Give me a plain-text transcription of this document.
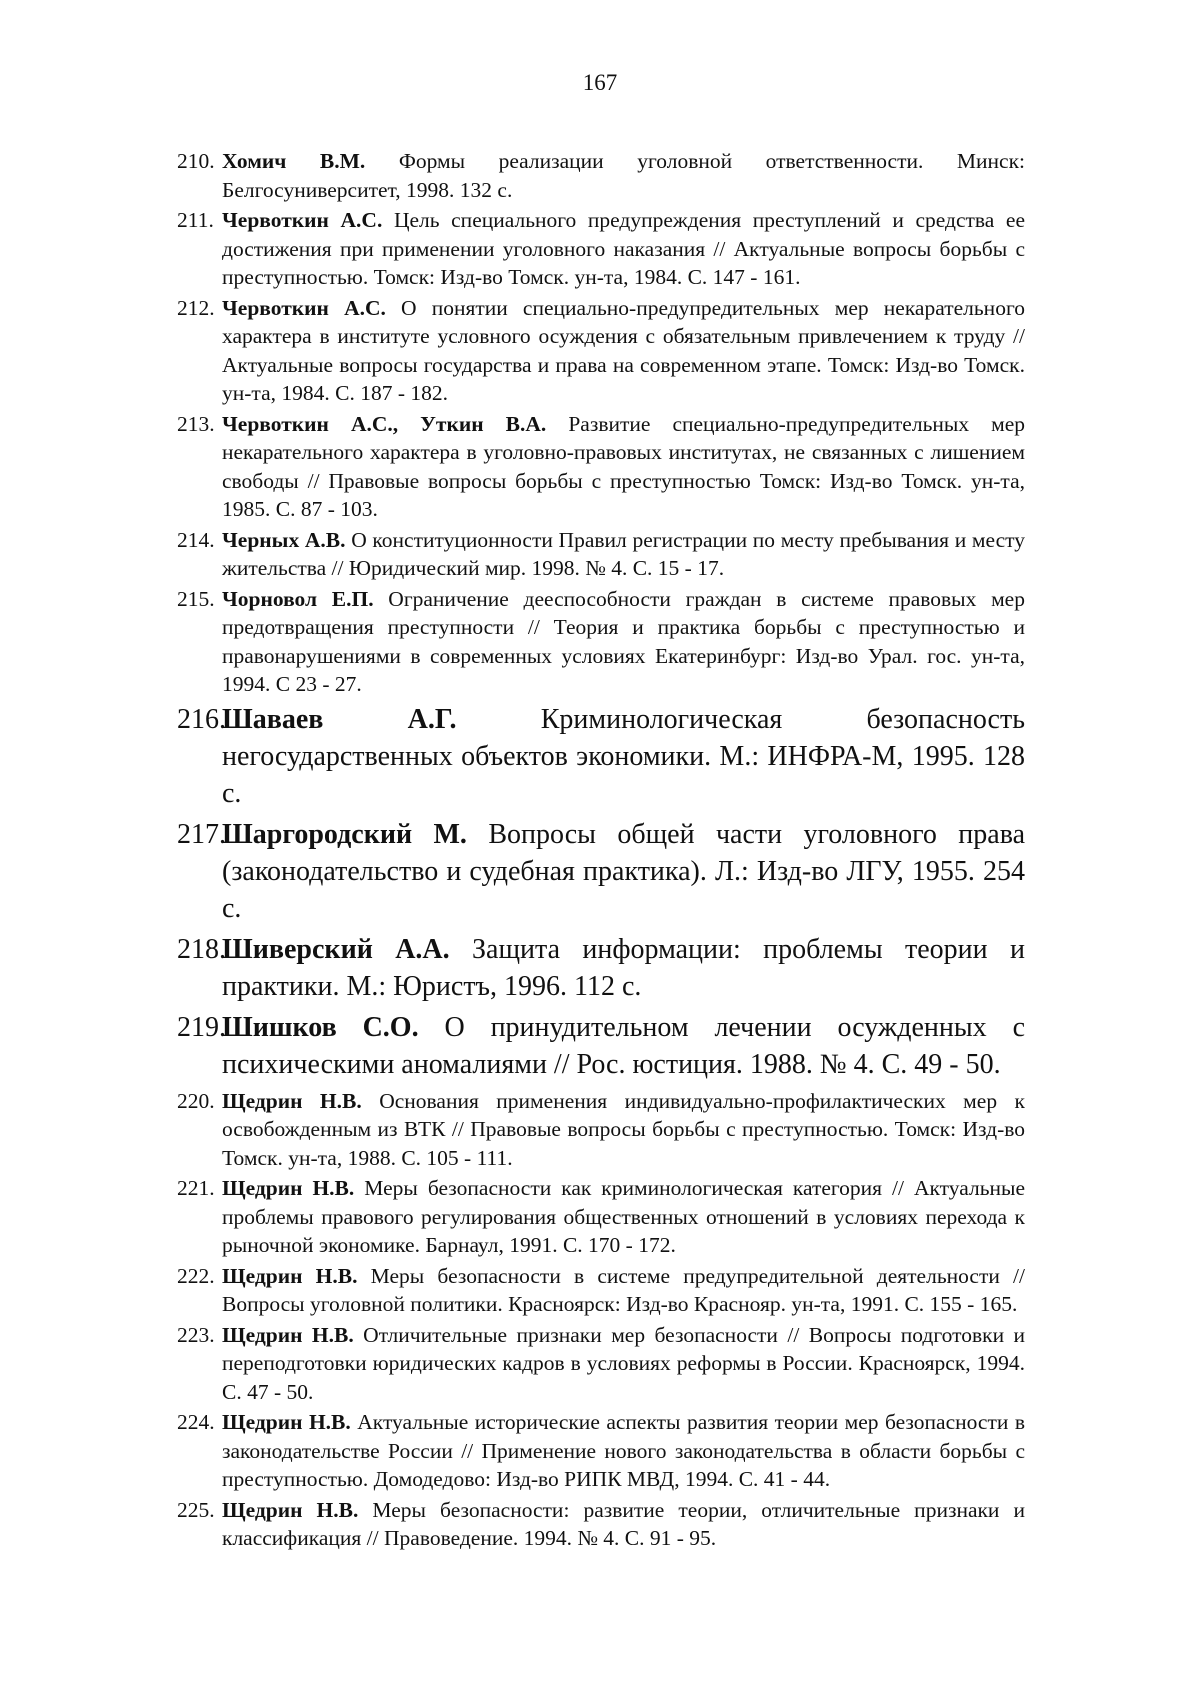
167
210. Хомич В.М. Формы реализации уголовной ответственности. Минск: Белгосуниверситет, 1998. 132 с.
211. Червоткин А.С. Цель специального предупреждения преступлений и средства ее достижения при применении уголовного наказания // Актуальные вопросы борьбы с преступностью. Томск: Изд-во Томск. ун-та, 1984. С. 147 - 161.
212. Червоткин А.С. О понятии специально-предупредительных мер некарательного характера в институте условного осуждения с обязательным привлечением к труду // Актуальные вопросы государства и права на современном этапе. Томск: Изд-во Томск. ун-та, 1984. С. 187 - 182.
213. Червоткин А.С., Уткин В.А. Развитие специально-предупредительных мер некарательного характера в уголовно-правовых институтах, не связанных с лишением свободы // Правовые вопросы борьбы с преступностью Томск: Изд-во Томск. ун-та, 1985. С. 87 - 103.
214. Черных А.В. О конституционности Правил регистрации по месту пребывания и месту жительства // Юридический мир. 1998. № 4. С. 15 - 17.
215. Чорновол Е.П. Ограничение дееспособности граждан в системе правовых мер предотвращения преступности // Теория и практика борьбы с преступностью и правонарушениями в современных условиях Екатеринбург: Изд-во Урал. гос. ун-та, 1994. С 23 - 27.
216.
Шаваев А.Г. Криминологическая безопасность негосударственных объектов экономики. М.: ИНФРА-М, 1995. 128 с.
217.
Шаргородский М. Вопросы общей части уголовного права (законодательство и судебная практика). Л.: Изд-во ЛГУ, 1955. 254 с.
218.
Шиверский А.А. Защита информации: проблемы теории и практики. М.: Юристъ, 1996. 112 с.
219.
Шишков С.О. О принудительном лечении осужденных с психическими аномалиями // Рос. юстиция. 1988. № 4. С. 49 - 50.
220. Щедрин Н.В. Основания применения индивидуально-профилактических мер к освобожденным из ВТК // Правовые вопросы борьбы с преступностью. Томск: Изд-во Томск. ун-та, 1988. С. 105 - 111.
221. Щедрин Н.В. Меры безопасности как криминологическая категория // Актуальные проблемы правового регулирования общественных отношений в условиях перехода к рыночной экономике. Барнаул, 1991. С. 170 - 172.
222. Щедрин Н.В. Меры безопасности в системе предупредительной деятельности // Вопросы уголовной политики. Красноярск: Изд-во Краснояр. ун-та, 1991. С. 155 - 165.
223. Щедрин Н.В. Отличительные признаки мер безопасности // Вопросы подготовки и переподготовки юридических кадров в условиях реформы в России. Красноярск, 1994. С. 47 - 50.
224. Щедрин Н.В. Актуальные исторические аспекты развития теории мер безопасности в законодательстве России // Применение нового законодательства в области борьбы с преступностью. Домодедово: Изд-во РИПК МВД, 1994. С. 41 - 44.
225. Щедрин Н.В. Меры безопасности: развитие теории, отличительные признаки и классификация // Правоведение. 1994. № 4. С. 91 - 95.
